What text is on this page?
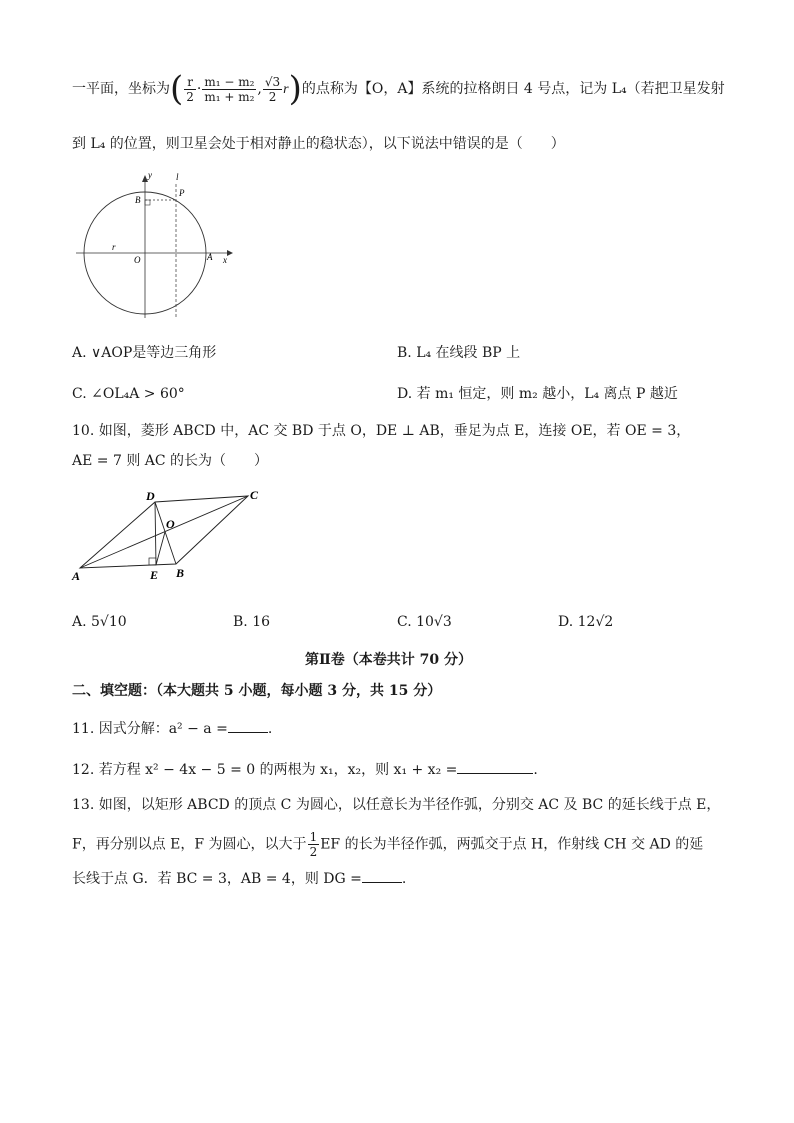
一平面，坐标为( $\frac{r}{2} \cdot \frac{\text{m₁ − m₂}}{\text{m₁ + m₂}}$ , $\frac{√3}{2} r$)的点称为【O，A】系统的拉格朗日 4 号点，记为 L₄（若把卫星发射
到 L₄ 的位置，则卫星会处于相对静止的稳状态），以下说法中错误的是（　　）
y	l
P
B
r
O	A x
A. ∨AOP是等边三角形	B. L₄ 在线段 BP 上
C. ∠OL₄A > 60°	D. 若 m₁ 恒定，则 m₂ 越小，L₄ 离点 P 越近
10. 如图，菱形 ABCD 中，AC 交 BD 于点 O，DE ⊥ AB，垂足为点 E，连接 OE，若 OE = 3，
AE = 7 则 AC 的长为（　　）
D	C
O
A	E B
A. 5√10	B. 16	C. 10√3	D. 12√2
第Ⅱ卷（本卷共计 70 分）
二、填空题：（本大题共 5 小题，每小题 3 分，共 15 分）
11. 因式分解：a² − a =	.
12. 若方程 x² − 4x − 5 = 0 的两根为 x₁，x₂，则 x₁ + x₂ =	.
13. 如图，以矩形 ABCD 的顶点 C 为圆心，以任意长为半径作弧，分别交 AC 及 BC 的延长线于点 E，
F，再分别以点 E，F 为圆心，以大于 $\frac{1}{2}$ EF 的长为半径作弧，两弧交于点 H，作射线 CH 交 AD 的延
长线于点 G．若 BC = 3，AB = 4，则 DG =	.
